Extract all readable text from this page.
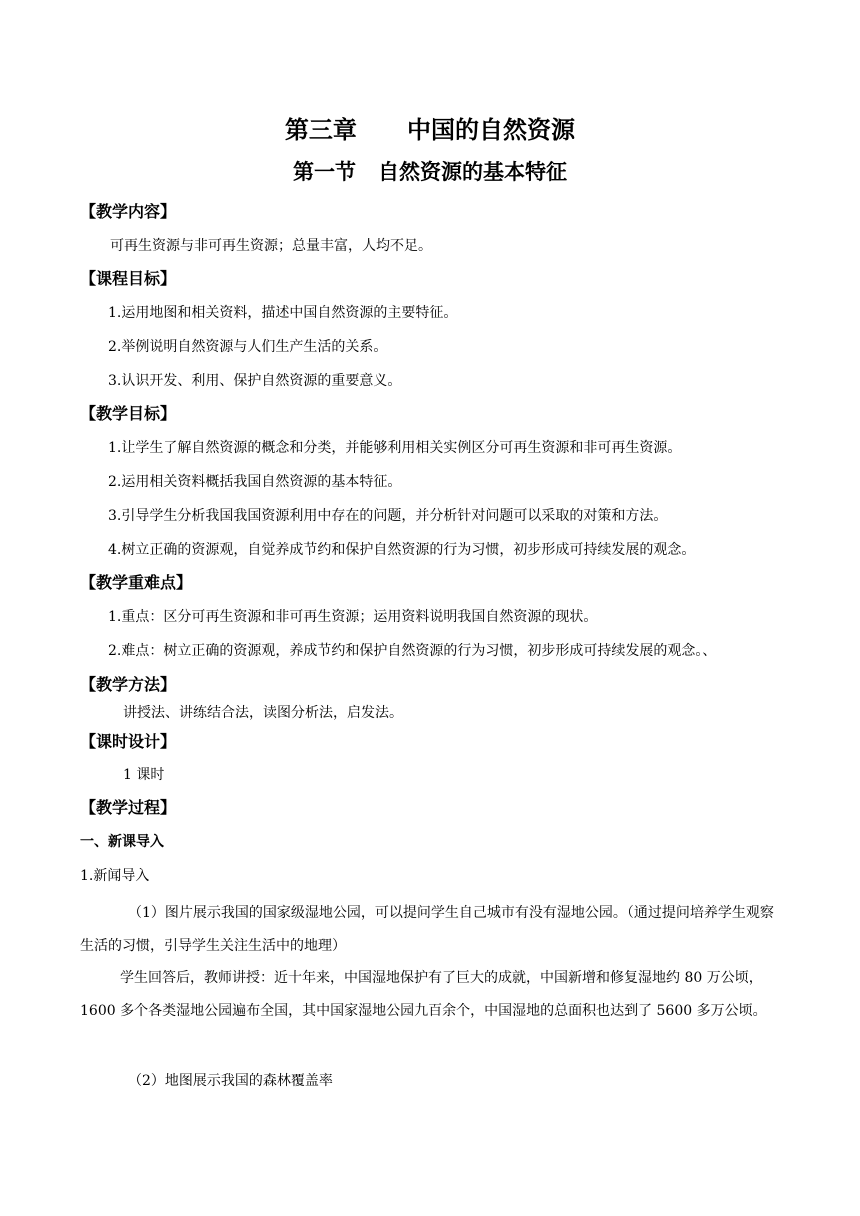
第三章      中国的自然资源
第一节   自然资源的基本特征
【教学内容】
可再生资源与非可再生资源；总量丰富，人均不足。
【课程目标】
1.运用地图和相关资料，描述中国自然资源的主要特征。
2.举例说明自然资源与人们生产生活的关系。
3.认识开发、利用、保护自然资源的重要意义。
【教学目标】
1.让学生了解自然资源的概念和分类，并能够利用相关实例区分可再生资源和非可再生资源。
2.运用相关资料概括我国自然资源的基本特征。
3.引导学生分析我国我国资源利用中存在的问题，并分析针对问题可以采取的对策和方法。
4.树立正确的资源观，自觉养成节约和保护自然资源的行为习惯，初步形成可持续发展的观念。
【教学重难点】
1.重点：区分可再生资源和非可再生资源；运用资料说明我国自然资源的现状。
2.难点：树立正确的资源观，养成节约和保护自然资源的行为习惯，初步形成可持续发展的观念。、
【教学方法】
讲授法、讲练结合法，读图分析法，启发法。
【课时设计】
1 课时
【教学过程】
一、新课导入
1.新闻导入
（1）图片展示我国的国家级湿地公园，可以提问学生自己城市有没有湿地公园。（通过提问培养学生观察生活的习惯，引导学生关注生活中的地理）
学生回答后，教师讲授：近十年来，中国湿地保护有了巨大的成就，中国新增和修复湿地约 80 万公顷，1600 多个各类湿地公园遍布全国，其中国家湿地公园九百余个，中国湿地的总面积也达到了 5600 多万公顷。
（2）地图展示我国的森林覆盖率
